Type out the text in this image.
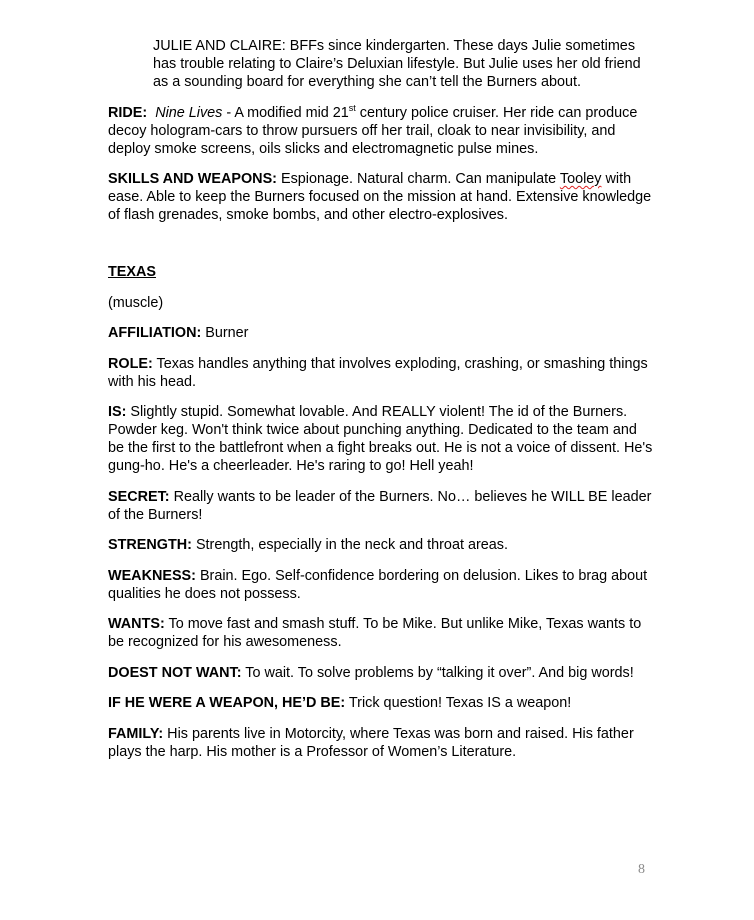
JULIE AND CLAIRE: BFFs since kindergarten. These days Julie sometimes has trouble relating to Claire’s Deluxian lifestyle. But Julie uses her old friend as a sounding board for everything she can’t tell the Burners about.

RIDE: Nine Lives - A modified mid 21st century police cruiser. Her ride can produce decoy hologram-cars to throw pursuers off her trail, cloak to near invisibility, and deploy smoke screens, oils slicks and electromagnetic pulse mines.

SKILLS AND WEAPONS: Espionage. Natural charm. Can manipulate Tooley with ease. Able to keep the Burners focused on the mission at hand. Extensive knowledge of flash grenades, smoke bombs, and other electro-explosives.

TEXAS

(muscle)

AFFILIATION: Burner

ROLE: Texas handles anything that involves exploding, crashing, or smashing things with his head.

IS: Slightly stupid. Somewhat lovable. And REALLY violent! The id of the Burners. Powder keg. Won't think twice about punching anything. Dedicated to the team and be the first to the battlefront when a fight breaks out. He is not a voice of dissent. He's gung-ho. He's a cheerleader. He's raring to go! Hell yeah!

SECRET: Really wants to be leader of the Burners. No… believes he WILL BE leader of the Burners!

STRENGTH: Strength, especially in the neck and throat areas.

WEAKNESS: Brain. Ego. Self-confidence bordering on delusion. Likes to brag about qualities he does not possess.

WANTS: To move fast and smash stuff. To be Mike. But unlike Mike, Texas wants to be recognized for his awesomeness.

DOEST NOT WANT: To wait. To solve problems by “talking it over”. And big words!

IF HE WERE A WEAPON, HE’D BE: Trick question! Texas IS a weapon!

FAMILY: His parents live in Motorcity, where Texas was born and raised. His father plays the harp. His mother is a Professor of Women’s Literature.

8
